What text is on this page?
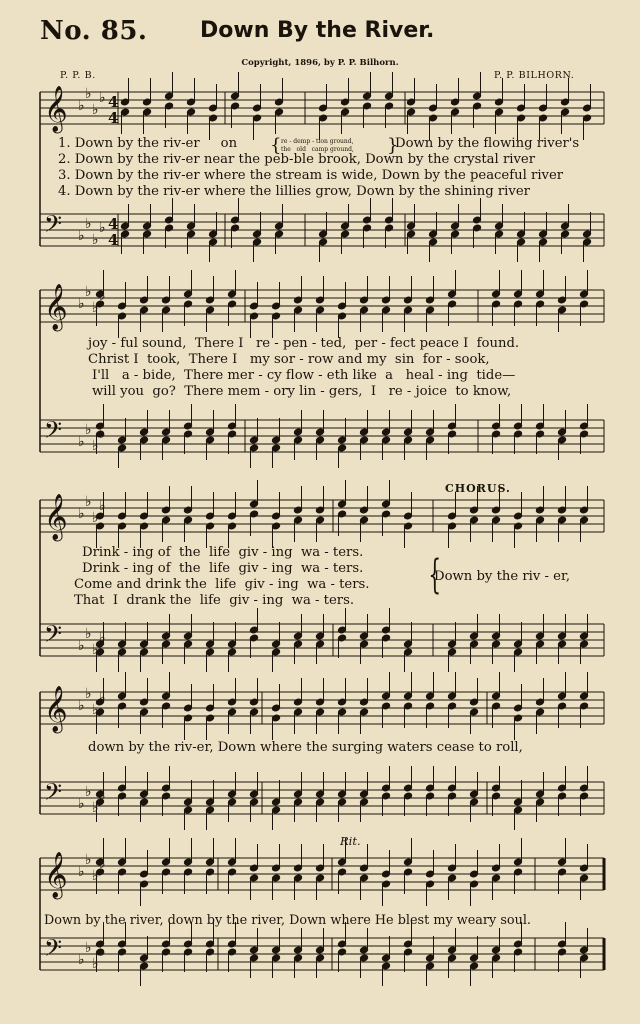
No. 85. Down By the River.
Copyright, 1896, by P. P. Bilhorn.
P. P. B.	P. P. BILHORN.
𝄞 ♭
♭
♭
♭ 4
4
𝄢 ♭
♭
♭
♭ 4
4
𝄞 ♭
♭
♭
♭
𝄢 ♭
♭
♭
♭
𝄞 ♭
♭
♭
♭
𝄢 ♭
♭
♭
♭
𝄞 ♭
♭
♭
♭
𝄢 ♭
♭
♭
♭
𝄞 ♭
♭
♭
♭
𝄢 ♭
♭
♭
♭
1. Down by the riv-er     on { re - demp - tion ground,
the   old   camp ground, }
Down by the flowing river's
2. Down by the riv-er near the peb-ble brook, Down by the crystal river
3. Down by the riv-er where the stream is wide, Down by the peaceful river
4. Down by the riv-er where the lillies grow, Down by the shining river
joy - ful sound,  There I   re - pen - ted,  per - fect peace I  found.
Christ I  took,  There I   my sor - row and my  sin  for - sook,
I'll   a - bide,  There mer - cy flow - eth like  a   heal - ing  tide—
will you  go?  There mem - ory lin - gers,  I   re - joice  to know,
CHORUS.
Drink - ing of  the  life  giv - ing  wa - ters.
Drink - ing of  the  life  giv - ing  wa - ters.
Come and drink the  life  giv - ing  wa - ters.
That  I  drank the  life  giv - ing  wa - ters.
{
Down by the riv - er,
down by the riv-er, Down where the surging waters cease to roll,
Rit.
Down by the river, down by the river, Down where He blest my weary soul.
